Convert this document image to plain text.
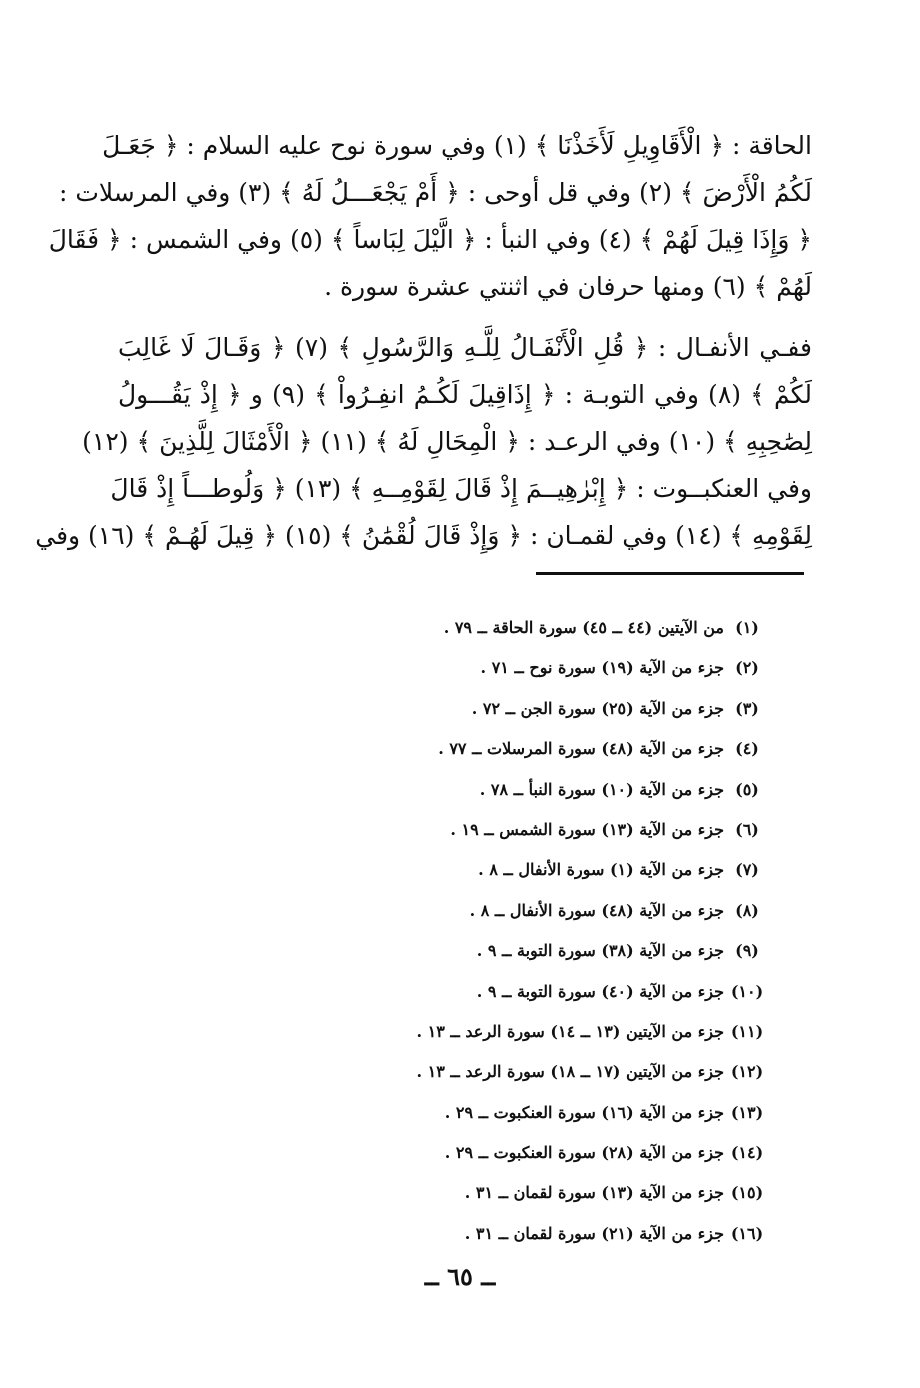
الحاقة : ﴿ الْأَقَاوِيلِ لَأَخَذْنَا ﴾ (١) وفي سورة نوح عليه السلام : ﴿ جَعَـلَ
لَكُمُ الْأَرْضَ ﴾ (٢) وفي قل أوحى : ﴿ أَمْ يَجْعَـــلُ لَهُ ﴾ (٣) وفي المرسلات :
﴿ وَإِذَا قِيلَ لَهُمْ ﴾ (٤) وفي النبأ : ﴿ الَّيْلَ لِبَاساً ﴾ (٥) وفي الشمس : ﴿ فَقَالَ
لَهُمْ ﴾ (٦) ومنها حرفان في اثنتي عشرة سورة .
ففـي الأنفـال : ﴿ قُلِ الْأَنْفَـالُ لِلَّـهِ وَالرَّسُولِ ﴾ (٧) ﴿ وَقَـالَ لَا غَالِبَ
لَكُمْ ﴾ (٨) وفي التوبـة : ﴿ إِذَاقِيلَ لَكُـمُ انفِـرُواْ ﴾ (٩) و ﴿ إِذْ يَقُـــولُ
لِصَٰحِبِهِ ﴾ (١٠) وفي الرعـد : ﴿ الْمِحَالِ لَهُ ﴾ (١١) ﴿ الْأَمْثَالَ لِلَّذِينَ ﴾ (١٢)
وفي العنكبــوت : ﴿ إِبْرٰهِيــمَ إِذْ قَالَ لِقَوْمِــهِ ﴾ (١٣) ﴿ وَلُوطـــاً إِذْ قَالَ
لِقَوْمِهِ ﴾ (١٤) وفي لقمـان : ﴿ وَإِذْ قَالَ لُقْمَٰنُ ﴾ (١٥) ﴿ قِيلَ لَهُـمْ ﴾ (١٦) وفي
(١)
من الآيتين (٤٤ ــ ٤٥) سورة الحاقة ــ ٧٩ .
(٢)
جزء من الآية (١٩) سورة نوح ــ ٧١ .
(٣)
جزء من الآية (٢٥) سورة الجن ــ ٧٢ .
(٤)
جزء من الآية (٤٨) سورة المرسلات ــ ٧٧ .
(٥)
جزء من الآية (١٠) سورة النبأ ــ ٧٨ .
(٦)
جزء من الآية (١٣) سورة الشمس ــ ١٩ .
(٧)
جزء من الآية (١) سورة الأنفال ــ ٨ .
(٨)
جزء من الآية (٤٨) سورة الأنفال ــ ٨ .
(٩)
جزء من الآية (٣٨) سورة التوبة ــ ٩ .
(١٠)
جزء من الآية (٤٠) سورة التوبة ــ ٩ .
(١١)
جزء من الآيتين (١٣ ــ ١٤) سورة الرعد ــ ١٣ .
(١٢)
جزء من الآيتين (١٧ ــ ١٨) سورة الرعد ــ ١٣ .
(١٣)
جزء من الآية (١٦) سورة العنكبوت ــ ٢٩ .
(١٤)
جزء من الآية (٢٨) سورة العنكبوت ــ ٢٩ .
(١٥)
جزء من الآية (١٣) سورة لقمان ــ ٣١ .
(١٦)
جزء من الآية (٢١) سورة لقمان ــ ٣١ .
ــ ٦٥ ــ
